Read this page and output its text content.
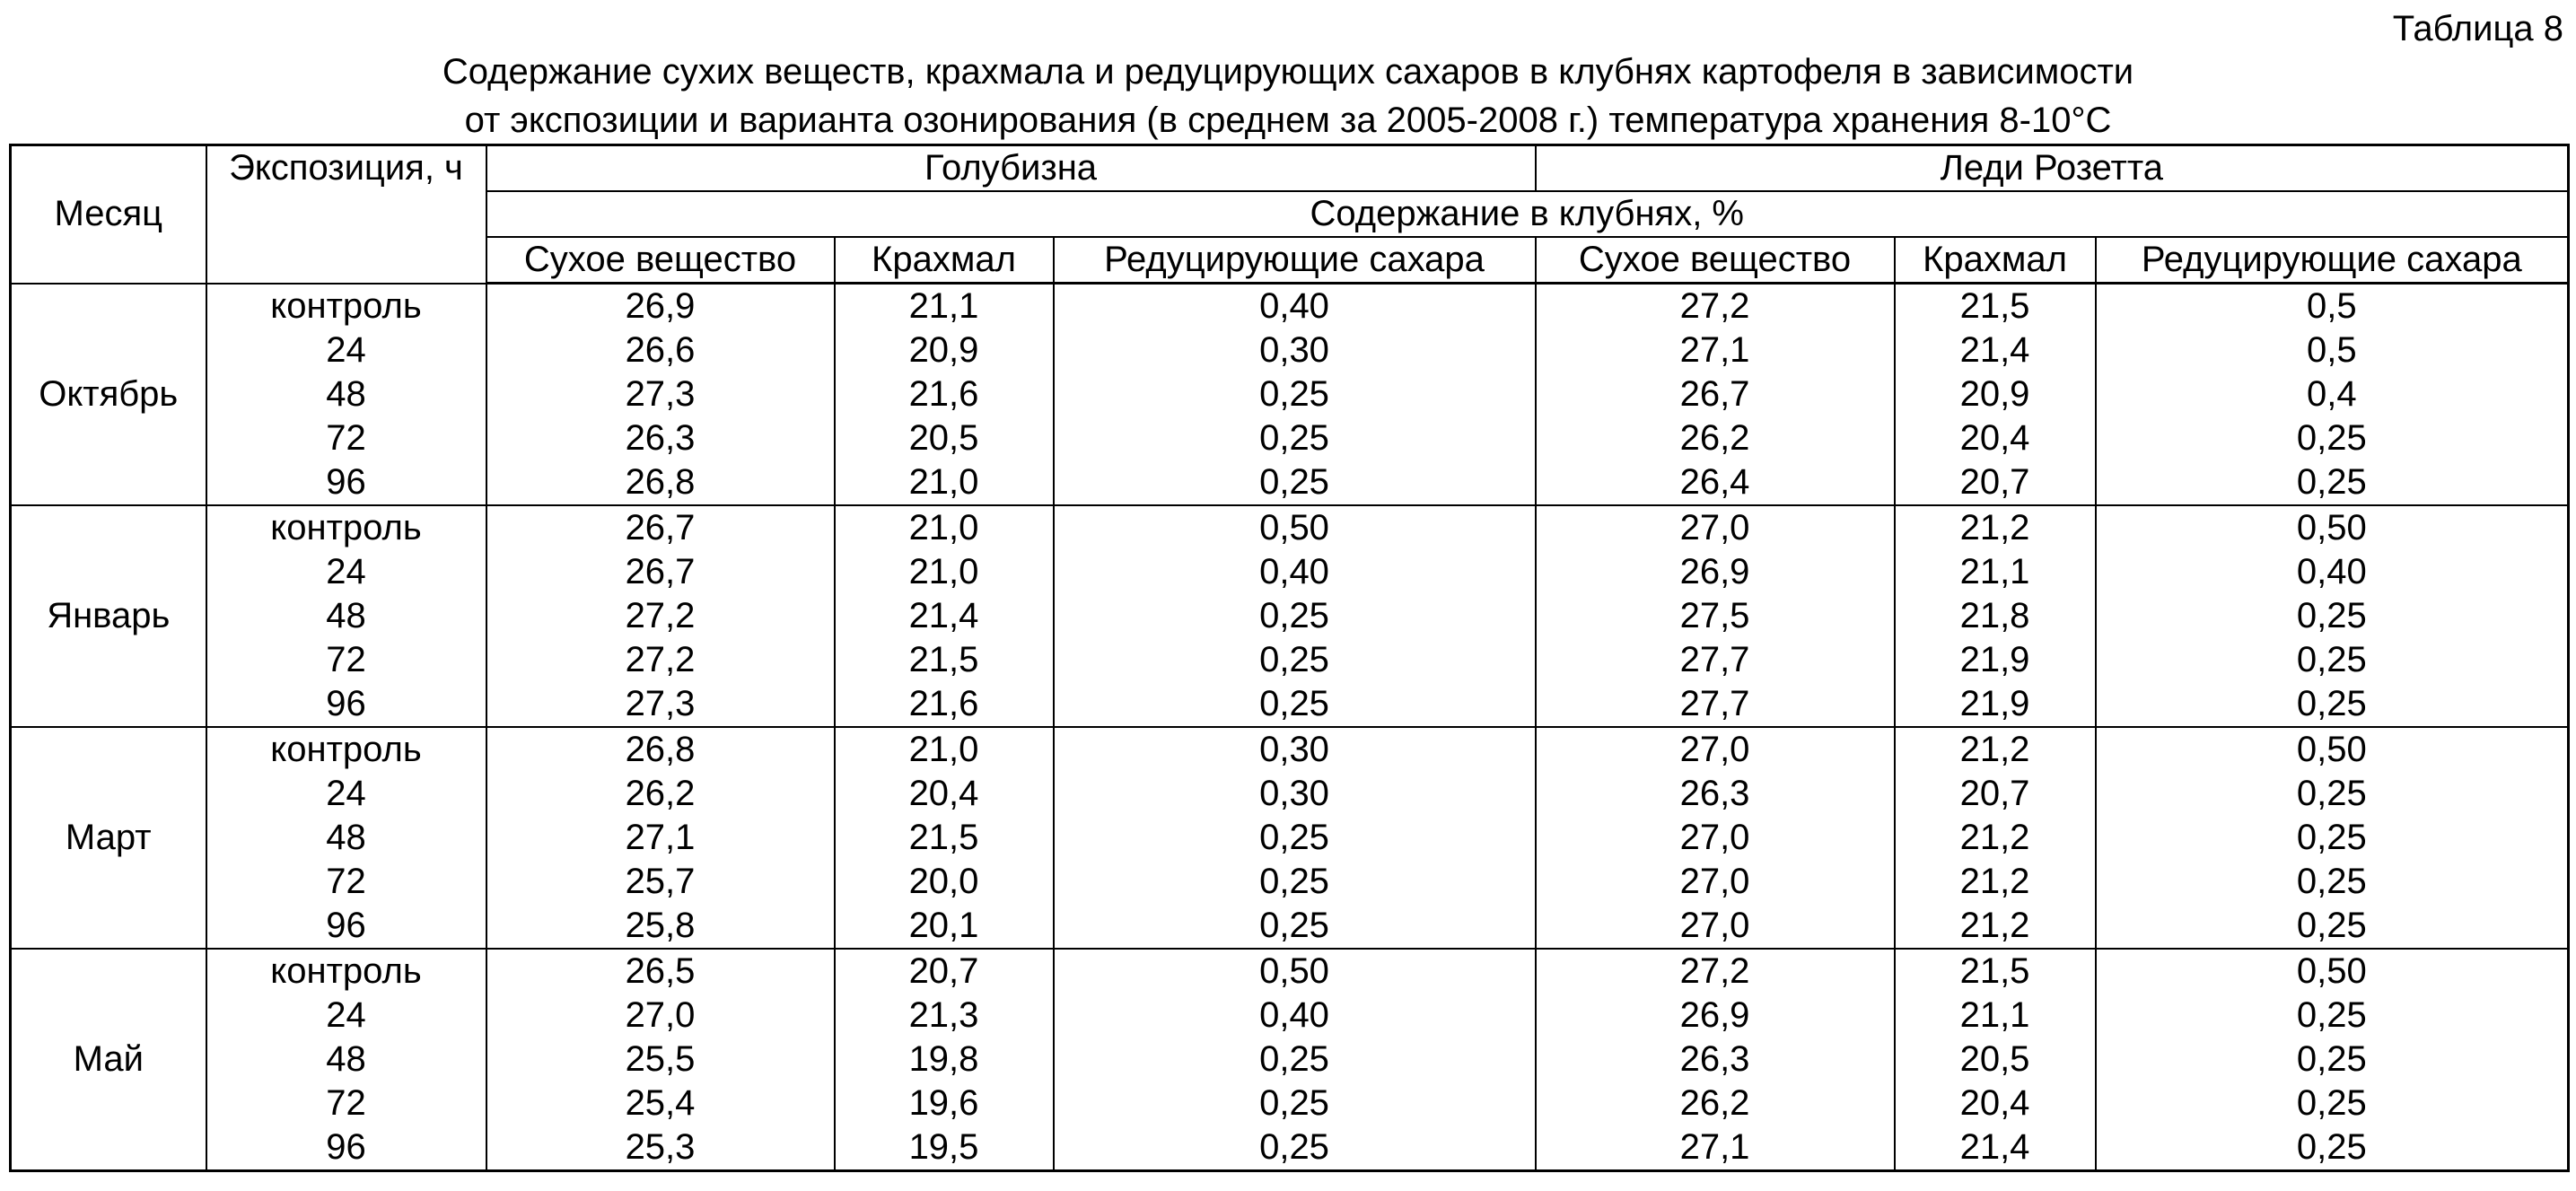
Таблица 8
Содержание сухих веществ, крахмала и редуцирующих сахаров в клубнях картофеля в зависимости
от экспозиции и варианта озонирования (в среднем за 2005-2008 г.) температура хранения 8-10°С
Месяц	Экспозиция, ч	Голубизна			Леди Розетта		
		Содержание в клубнях, %					
		Сухое вещество	Крахмал	Редуцирующие сахара	Сухое вещество	Крахмал	Редуцирующие сахара
Октябрь	контроль	26,9	21,1	0,40	27,2	21,5	0,5
	24	26,6	20,9	0,30	27,1	21,4	0,5
	48	27,3	21,6	0,25	26,7	20,9	0,4
	72	26,3	20,5	0,25	26,2	20,4	0,25
	96	26,8	21,0	0,25	26,4	20,7	0,25
Январь	контроль	26,7	21,0	0,50	27,0	21,2	0,50
	24	26,7	21,0	0,40	26,9	21,1	0,40
	48	27,2	21,4	0,25	27,5	21,8	0,25
	72	27,2	21,5	0,25	27,7	21,9	0,25
	96	27,3	21,6	0,25	27,7	21,9	0,25
Март	контроль	26,8	21,0	0,30	27,0	21,2	0,50
	24	26,2	20,4	0,30	26,3	20,7	0,25
	48	27,1	21,5	0,25	27,0	21,2	0,25
	72	25,7	20,0	0,25	27,0	21,2	0,25
	96	25,8	20,1	0,25	27,0	21,2	0,25
Май	контроль	26,5	20,7	0,50	27,2	21,5	0,50
	24	27,0	21,3	0,40	26,9	21,1	0,25
	48	25,5	19,8	0,25	26,3	20,5	0,25
	72	25,4	19,6	0,25	26,2	20,4	0,25
	96	25,3	19,5	0,25	27,1	21,4	0,25
